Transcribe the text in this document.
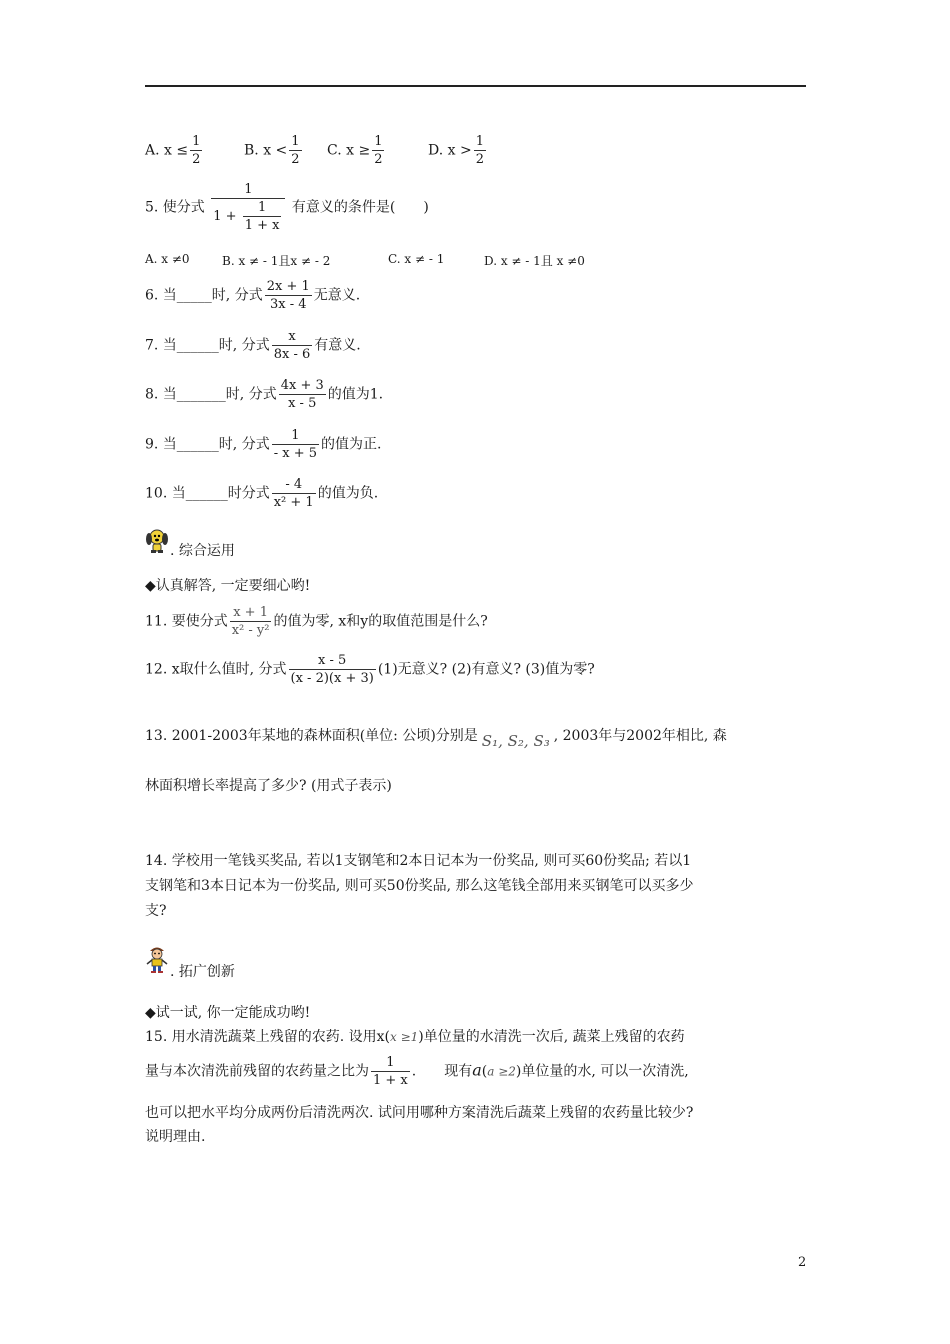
A. $x \le \frac{1}{2}$	B. $x < \frac{1}{2} C$. $x \ge \frac{1}{2}$	D. $x > \frac{1}{2}$
5. 使分式 $\frac{1}{1 + \frac{1}{1 + x}}$ 有意义的条件是(　　)
A. x ≠0	B. x ≠ - 1且x ≠ - 2	C. x ≠ - 1	D. x ≠ - 1且 x ≠0
6. 当_____时, 分式 $\frac{2x + 1}{3x - 4}$ 无意义.
7. 当______时, 分式 $\frac{x}{8x - 6}$ 有意义.
8. 当_______时, 分式 $\frac{4x + 3}{x - 5}$ 的值为1.
9. 当______时, 分式 $\frac{1}{- x + 5}$ 的值为正.
10. 当______时分式 $\frac{- 4}{\text{x² + 1}}$ 的值为负.
. 综合运用
◆认真解答, 一定要细心哟!
11. 要使分式 $\frac{x + 1}{\text{x² - y²}}$ 的值为零, x和y的取值范围是什么?
12. x取什么值时, 分式 $\frac{x - 5}{(x - 2)(x + 3)} (1)$无意义? (2)有意义? (3)值为零?
13. 2001-2003年某地的森林面积(单位: 公顷)分别是 S₁, S₂, S₃ , 2003年与2002年相比, 森
林面积增长率提高了多少? (用式子表示)
14. 学校用一笔钱买奖品, 若以1支钢笔和2本日记本为一份奖品, 则可买60份奖品; 若以1
支钢笔和3本日记本为一份奖品, 则可买50份奖品, 那么这笔钱全部用来买钢笔可以买多少
支?
. 拓广创新
◆试一试, 你一定能成功哟!
15. 用水清洗蔬菜上残留的农药. 设用x(x ≥1)单位量的水清洗一次后, 蔬菜上残留的农药
量与本次清洗前残留的农药量之比为 $\frac{1}{1 + x}$ .　　现有a(a ≥2)单位量的水, 可以一次清洗,
也可以把水平均分成两份后清洗两次. 试问用哪种方案清洗后蔬菜上残留的农药量比较少?
说明理由.
2
